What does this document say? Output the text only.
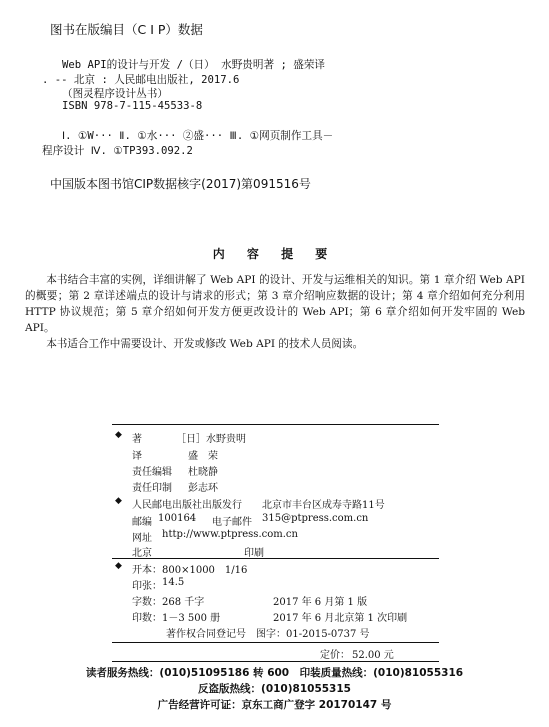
图书在版编目（C I P）数据
Web API的设计与开发 /（日） 水野贵明著 ; 盛荣译
. -- 北京 : 人民邮电出版社, 2017.6
（图灵程序设计丛书）
ISBN 978-7-115-45533-8
Ⅰ. ①W··· Ⅱ. ①水··· ②盛··· Ⅲ. ①网页制作工具－
程序设计 Ⅳ. ①TP393.092.2
中国版本图书馆CIP数据核字(2017)第091516号
内 容 提 要
本书结合丰富的实例，详细讲解了 Web API 的设计、开发与运维相关的知识。第 1 章介绍 Web API 的概要；第 2 章详述端点的设计与请求的形式；第 3 章介绍响应数据的设计；第 4 章介绍如何充分利用 HTTP 协议规范；第 5 章介绍如何开发方便更改设计的 Web API；第 6 章介绍如何开发牢固的 Web API。
本书适合工作中需要设计、开发或修改 Web API 的技术人员阅读。
◆ 著	［日］水野贵明
译	盛　荣
责任编辑 杜晓静
责任印制 彭志环
◆ 人民邮电出版社出版发行 北京市丰台区成寿寺路11号
邮编 100164 电子邮件 315@ptpress.com.cn
网址 http://www.ptpress.com.cn
北京	印刷
◆ 开本： 800×1000　1/16
印张： 14.5
字数： 268 千字	2017 年 6 月第 1 版
印数： 1－3 500 册	2017 年 6 月北京第 1 次印刷
著作权合同登记号　图字：01-2015-0737 号
定价： 52.00 元
读者服务热线：(010)51095186 转 600　印装质量热线：(010)81055316
反盗版热线：(010)81055315
广告经营许可证：京东工商广登字 20170147 号
